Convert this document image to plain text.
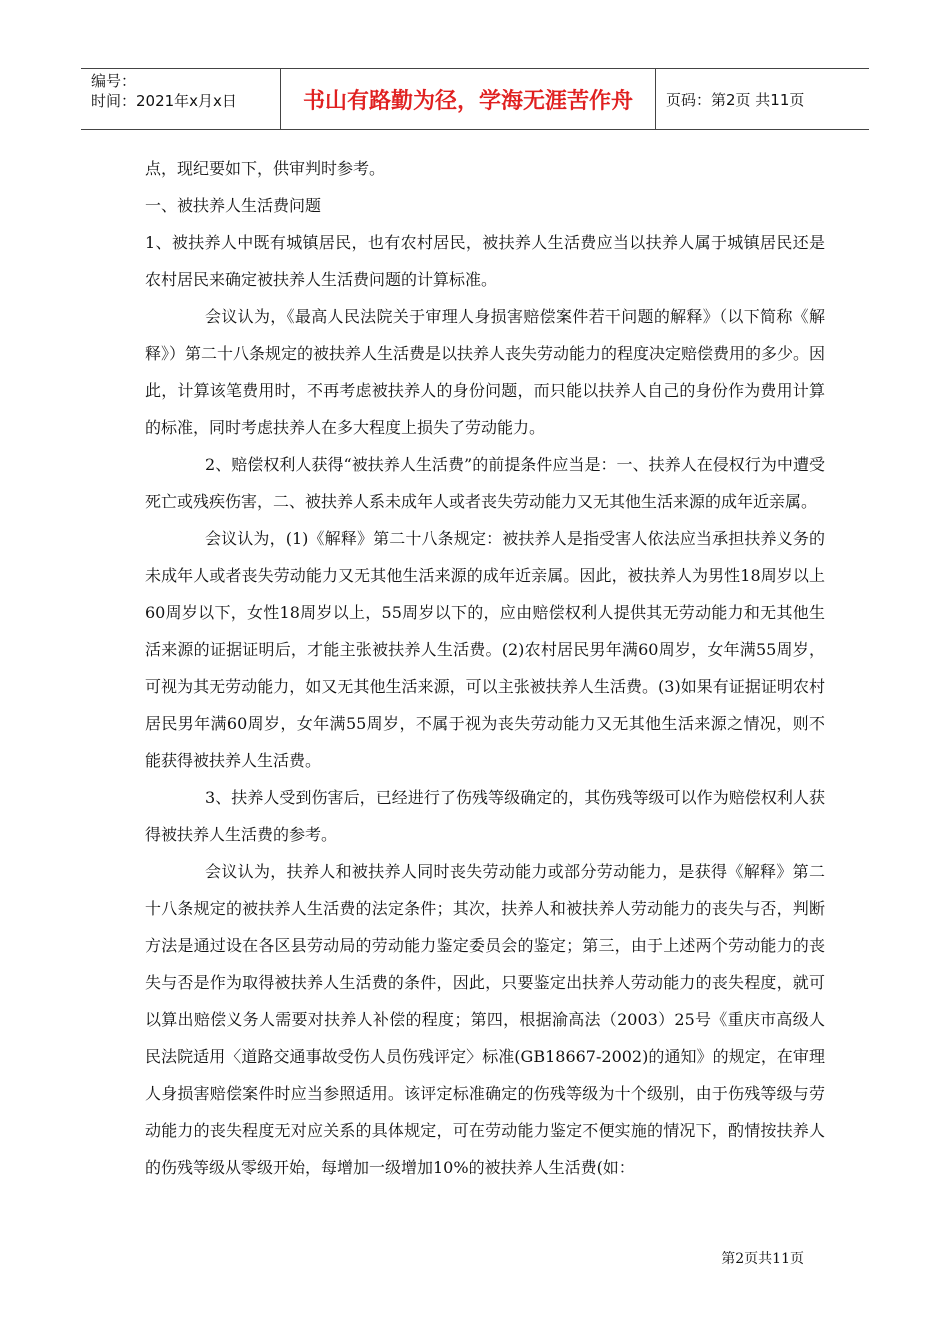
编号：
时间：2021年x月x日	书山有路勤为径，学海无涯苦作舟	页码：第2页 共11页

点，现纪要如下，供审判时参考。

一、被扶养人生活费问题

1、被扶养人中既有城镇居民，也有农村居民，被扶养人生活费应当以扶养人属于城镇居民还是农村居民来确定被扶养人生活费问题的计算标准。

会议认为，《最高人民法院关于审理人身损害赔偿案件若干问题的解释》（以下简称《解释》）第二十八条规定的被扶养人生活费是以扶养人丧失劳动能力的程度决定赔偿费用的多少。因此，计算该笔费用时，不再考虑被扶养人的身份问题，而只能以扶养人自己的身份作为费用计算的标准，同时考虑扶养人在多大程度上损失了劳动能力。

2、赔偿权利人获得“被扶养人生活费”的前提条件应当是：一、扶养人在侵权行为中遭受死亡或残疾伤害，二、被扶养人系未成年人或者丧失劳动能力又无其他生活来源的成年近亲属。

会议认为，(1)《解释》第二十八条规定：被扶养人是指受害人依法应当承担扶养义务的未成年人或者丧失劳动能力又无其他生活来源的成年近亲属。因此，被扶养人为男性18周岁以上60周岁以下，女性18周岁以上，55周岁以下的，应由赔偿权利人提供其无劳动能力和无其他生活来源的证据证明后，才能主张被扶养人生活费。(2)农村居民男年满60周岁，女年满55周岁，可视为其无劳动能力，如又无其他生活来源，可以主张被扶养人生活费。(3)如果有证据证明农村居民男年满60周岁，女年满55周岁，不属于视为丧失劳动能力又无其他生活来源之情况，则不能获得被扶养人生活费。

3、扶养人受到伤害后，已经进行了伤残等级确定的，其伤残等级可以作为赔偿权利人获得被扶养人生活费的参考。

会议认为，扶养人和被扶养人同时丧失劳动能力或部分劳动能力，是获得《解释》第二十八条规定的被扶养人生活费的法定条件；其次，扶养人和被扶养人劳动能力的丧失与否，判断方法是通过设在各区县劳动局的劳动能力鉴定委员会的鉴定；第三，由于上述两个劳动能力的丧失与否是作为取得被扶养人生活费的条件，因此，只要鉴定出扶养人劳动能力的丧失程度，就可以算出赔偿义务人需要对扶养人补偿的程度；第四，根据渝高法（2003）25号《重庆市高级人民法院适用〈道路交通事故受伤人员伤残评定〉标准(GB18667-2002)的通知》的规定，在审理人身损害赔偿案件时应当参照适用。该评定标准确定的伤残等级为十个级别，由于伤残等级与劳动能力的丧失程度无对应关系的具体规定，可在劳动能力鉴定不便实施的情况下，酌情按扶养人的伤残等级从零级开始，每增加一级增加10%的被扶养人生活费(如：

第2页共11页
